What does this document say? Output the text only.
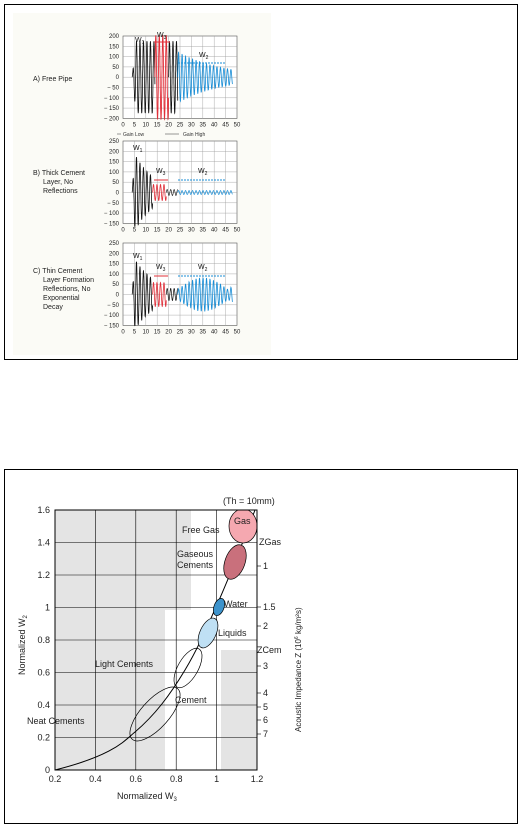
A) Free Pipe
200
150
100
50
0
− 50
− 100
− 150
− 200
0 5 10 15 20 25 30 35 40 45 50
$W_1$
$W_3$
$W_2$
Gain Low	Gain High
B) Thick Cement
Layer, No
Reflections
250
200
150
100
50
0
− 50
− 100
− 150
0 5 10 15 20 25 30 35 40 45 50
$W_1$
$W_3$	$W_2$
C) Thin Cement
Layer Formation
Reflections, No
Exponential
Decay
250
200
150
100
50
0
− 50
− 100
− 150
0 5 10 15 20 25 30 35 40 45 50
$W_1$
$W_3$	$W_2$
Gas
Free Gas
Gaseous
Cements
Water
Liquids
Light Cements
Cement
Neat Cements
(Th = 10mm)
0.2	0.4	0.6	0.8	1	1.2
0
0.2
0.4
0.6
0.8
1
1.2
1.4
1.6
1
1.5
2
3
4
5
6
7
ZGas
ZCem
Normalized $W_3$
Normalized $W_2$
Acoustic Impedance Z ($10^6$ kg/m²s)
